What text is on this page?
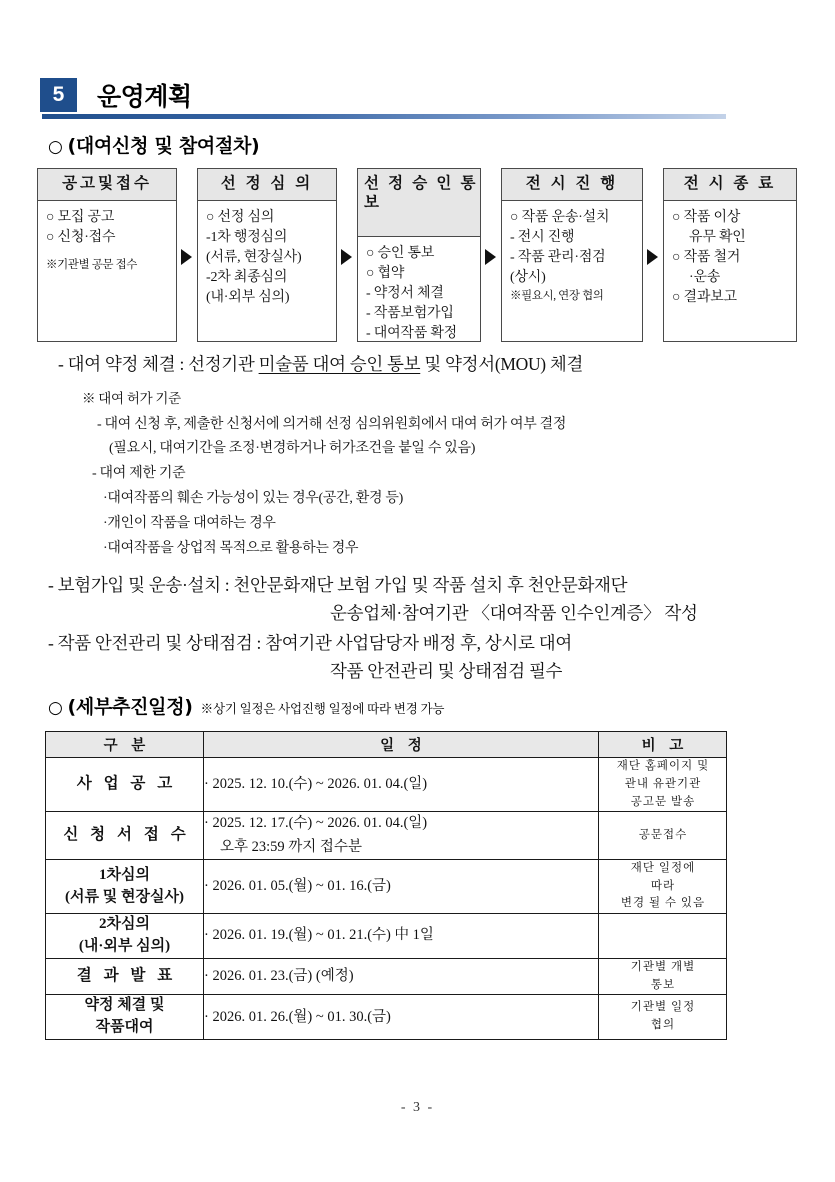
5	운영계획
○ (대여신청 및 참여절차)
공고및접수
○ 모집 공고
○ 신청·접수
※기관별 공문 접수
선 정 심 의
○ 선정 심의
-1차 행정심의
(서류, 현장실사)
-2차 최종심의
(내·외부 심의)
선 정 승 인 통 보
○ 승인 통보
○ 협약
- 약정서 체결
- 작품보험가입
- 대여작품 확정
전 시 진 행
○ 작품 운송·설치
- 전시 진행
- 작품 관리·점검
(상시)
※필요시, 연장 협의
전 시 종 료
○ 작품 이상
유무 확인
○ 작품 철거
·운송
○ 결과보고
- 대여 약정 체결 : 선정기관 미술품 대여 승인 통보 및 약정서(MOU) 체결
※ 대여 허가 기준
- 대여 신청 후, 제출한 신청서에 의거해 선정 심의위원회에서 대여 허가 여부 결정
(필요시, 대여기간을 조정·변경하거나 허가조건을 붙일 수 있음)
- 대여 제한 기준
·대여작품의 훼손 가능성이 있는 경우(공간, 환경 등)
·개인이 작품을 대여하는 경우
·대여작품을 상업적 목적으로 활용하는 경우
- 보험가입 및 운송·설치 : 천안문화재단 보험 가입 및 작품 설치 후 천안문화재단
운송업체·참여기관 〈대여작품 인수인계증〉 작성
- 작품 안전관리 및 상태점검 : 참여기관 사업담당자 배정 후, 상시로 대여
작품 안전관리 및 상태점검 필수
○ (세부추진일정) ※상기 일정은 사업진행 일정에 따라 변경 가능
구 분	일 정	비 고

사 업 공 고	· 2025. 12. 10.(수) ~ 2026. 01. 04.(일)	재단 홈페이지 및
관내 유관기관
공고문 발송

신 청 서 접 수	· 2025. 12. 17.(수) ~ 2026. 01. 04.(일)
오후 23:59 까지 접수분	공문접수

1차심의
(서류 및 현장실사)
	· 2026. 01. 05.(월) ~ 01. 16.(금)	
재단 일정에
따라
변경 될 수 있음

2차심의
(내·외부 심의)	· 2026. 01. 19.(월) ~ 01. 21.(수) 中 1일	

결 과 발 표	· 2026. 01. 23.(금) (예정)	기관별 개별
통보

약정 체결 및
작품대여
	· 2026. 01. 26.(월) ~ 01. 30.(금)	
기관별 일정
협의
- 3 -
